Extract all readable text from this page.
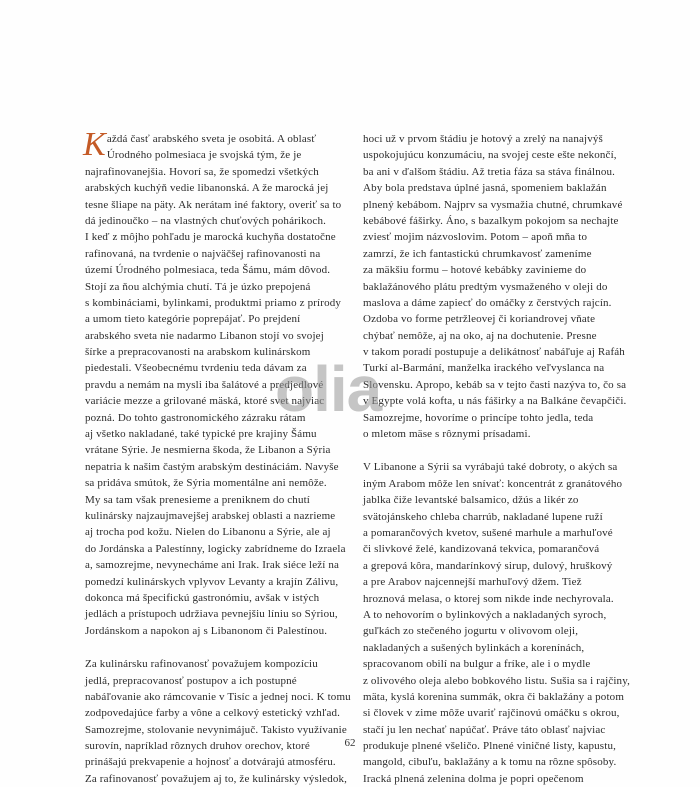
Každá časť arabského sveta je osobitá. A oblasť
Úrodného polmesiaca je svojská tým, že je
najrafinovanejšia. Hovorí sa, že spomedzi všetkých
arabských kuchýň vedie libanonská. A že marocká jej
tesne šliape na päty. Ak nerátam iné faktory, overiť sa to
dá jedinoučko – na vlastných chuťových pohárikoch.
I keď z môjho pohľadu je marocká kuchyňa dostatočne
rafinovaná, na tvrdenie o najväčšej rafinovanosti na
území Úrodného polmesiaca, teda Šámu, mám dôvod.
Stojí za ňou alchýmia chutí. Tá je úzko prepojená
s kombináciami, bylinkami, produktmi priamo z prírody
a umom tieto kategórie poprepájať. Po prejdení
arabského sveta nie nadarmo Libanon stojí vo svojej
šírke a prepracovanosti na arabskom kulinárskom
piedestali. Všeobecnému tvrdeniu teda dávam za
pravdu a nemám na mysli iba šalátové a predjedlové
variácie mezze a grilované mäská, ktoré svet najviac
pozná. Do tohto gastronomického zázraku rátam
aj všetko nakladané, také typické pre krajiny Šámu
vrátane Sýrie. Je nesmierna škoda, že Libanon a Sýria
nepatria k našim častým arabským destináciám. Navyše
sa pridáva smútok, že Sýria momentálne ani nemôže.
My sa tam však prenesieme a preniknem do chutí
kulinársky najzaujmavejšej arabskej oblasti a nazrieme
aj trocha pod kožu. Nielen do Libanonu a Sýrie, ale aj
do Jordánska a Palestínny, logicky zabrídneme do Izraela
a, samozrejme, nevynecháme ani Irak. Irak siéce leží na
pomedzí kulinárskych vplyvov Levanty a krajín Zálivu,
dokonca má špecifickú gastronómiu, avšak v istých
jedlách a prístupoch udržiava pevnejšiu líniu so Sýriou,
Jordánskom a napokon aj s Libanonom či Palestínou.
Za kulinársku rafinovanosť považujem kompozíciu
jedlá, prepracovanosť postupov a ich postupné
nabáľovanie ako rámcovanie v Tisíc a jednej noci. K tomu
zodpovedajúce farby a vône a celkový estetický vzhľad.
Samozrejme, stolovanie nevynimájuč. Takisto využívanie
surovín, napríklad rôznych druhov orechov, ktoré
prinášajú prekvapenie a hojnosť a dotvárajú atmosféru.
Za rafinovanosť považujem aj to, že kulinársky výsledok,
hoci už v prvom štádiu je hotový a zrelý na nanajvýš
uspokojujúcu konzumáciu, na svojej ceste ešte nekončí,
ba ani v ďalšom štádiu. Až tretia fáza sa stáva finálnou.
Aby bola predstava úplné jasná, spomeniem baklažán
plnený kebábom. Najprv sa vysmažia chutné, chrumkavé
kebábové fáširky. Áno, s bazalkym pokojom sa nechajte
zviesť mojim názvoslovim. Potom – apoň mňa to
zamrzí, že ich fantastickú chrumkavosť zameníme
za mäkšiu formu – hotové kebábky zavinieme do
baklažánového plátu predtým vysmaženého v oleji do
maslova a dáme zapiecť do omáčky z čerstvých rajcín.
Ozdoba vo forme petržleovej či koriandrovej vňate
chýbať nemôže, aj na oko, aj na dochutenie. Presne
v takom poradí postupuje a delikátnosť nabáľuje aj Rafáh
Turkí al-Barmání, manželka irackého veľvyslanca na
Slovensku. Apropo, kebáb sa v tejto časti nazýva to, čo sa
v Egypte volá kofta, u nás fáširky a na Balkáne čevapčiči.
Samozrejme, hovoríme o princípe tohto jedla, teda
o mletom mäse s rôznymi prísadami.
V Libanone a Sýrii sa vyrábajú také dobroty, o akých sa
iným Arabom môže len snívať: koncentrát z granátového
jablka čiže levantské balsamico, džús a likér zo
svätojánskeho chleba charrúb, nakladané lupene ruží
a pomarančových kvetov, sušené marhule a marhuľové
či slivkové želé, kandizovaná tekvica, pomarančová
a grepová kôra, mandarínkový sirup, dulový, hruškový
a pre Arabov najcennejší marhuľový džem. Tiež
hroznová melasa, o ktorej som nikde inde nechyrovala.
A to nehovorím o bylinkových a nakladaných syroch,
guľkách zo stečeného jogurtu v olivovom oleji,
nakladaných a sušených bylinkách a korenínách,
spracovanom obilí na bulgur a fríke, ale i o mydle
z olivového oleja alebo bobkového listu. Sušia sa i rajčiny,
mäta, kyslá korenina summák, okra či baklažány a potom
si človek v zime môže uvariť rajčinovú omáčku s okrou,
stačí ju len nechať napúčať. Práve táto oblasť najviac
produkuje plnené všeličo. Plnené viničné listy, kapustu,
mangold, cibuľu, baklažány a k tomu na rôzne spôsoby.
Iracká plnená zelenina dolma je popri opečenom
olia
62
